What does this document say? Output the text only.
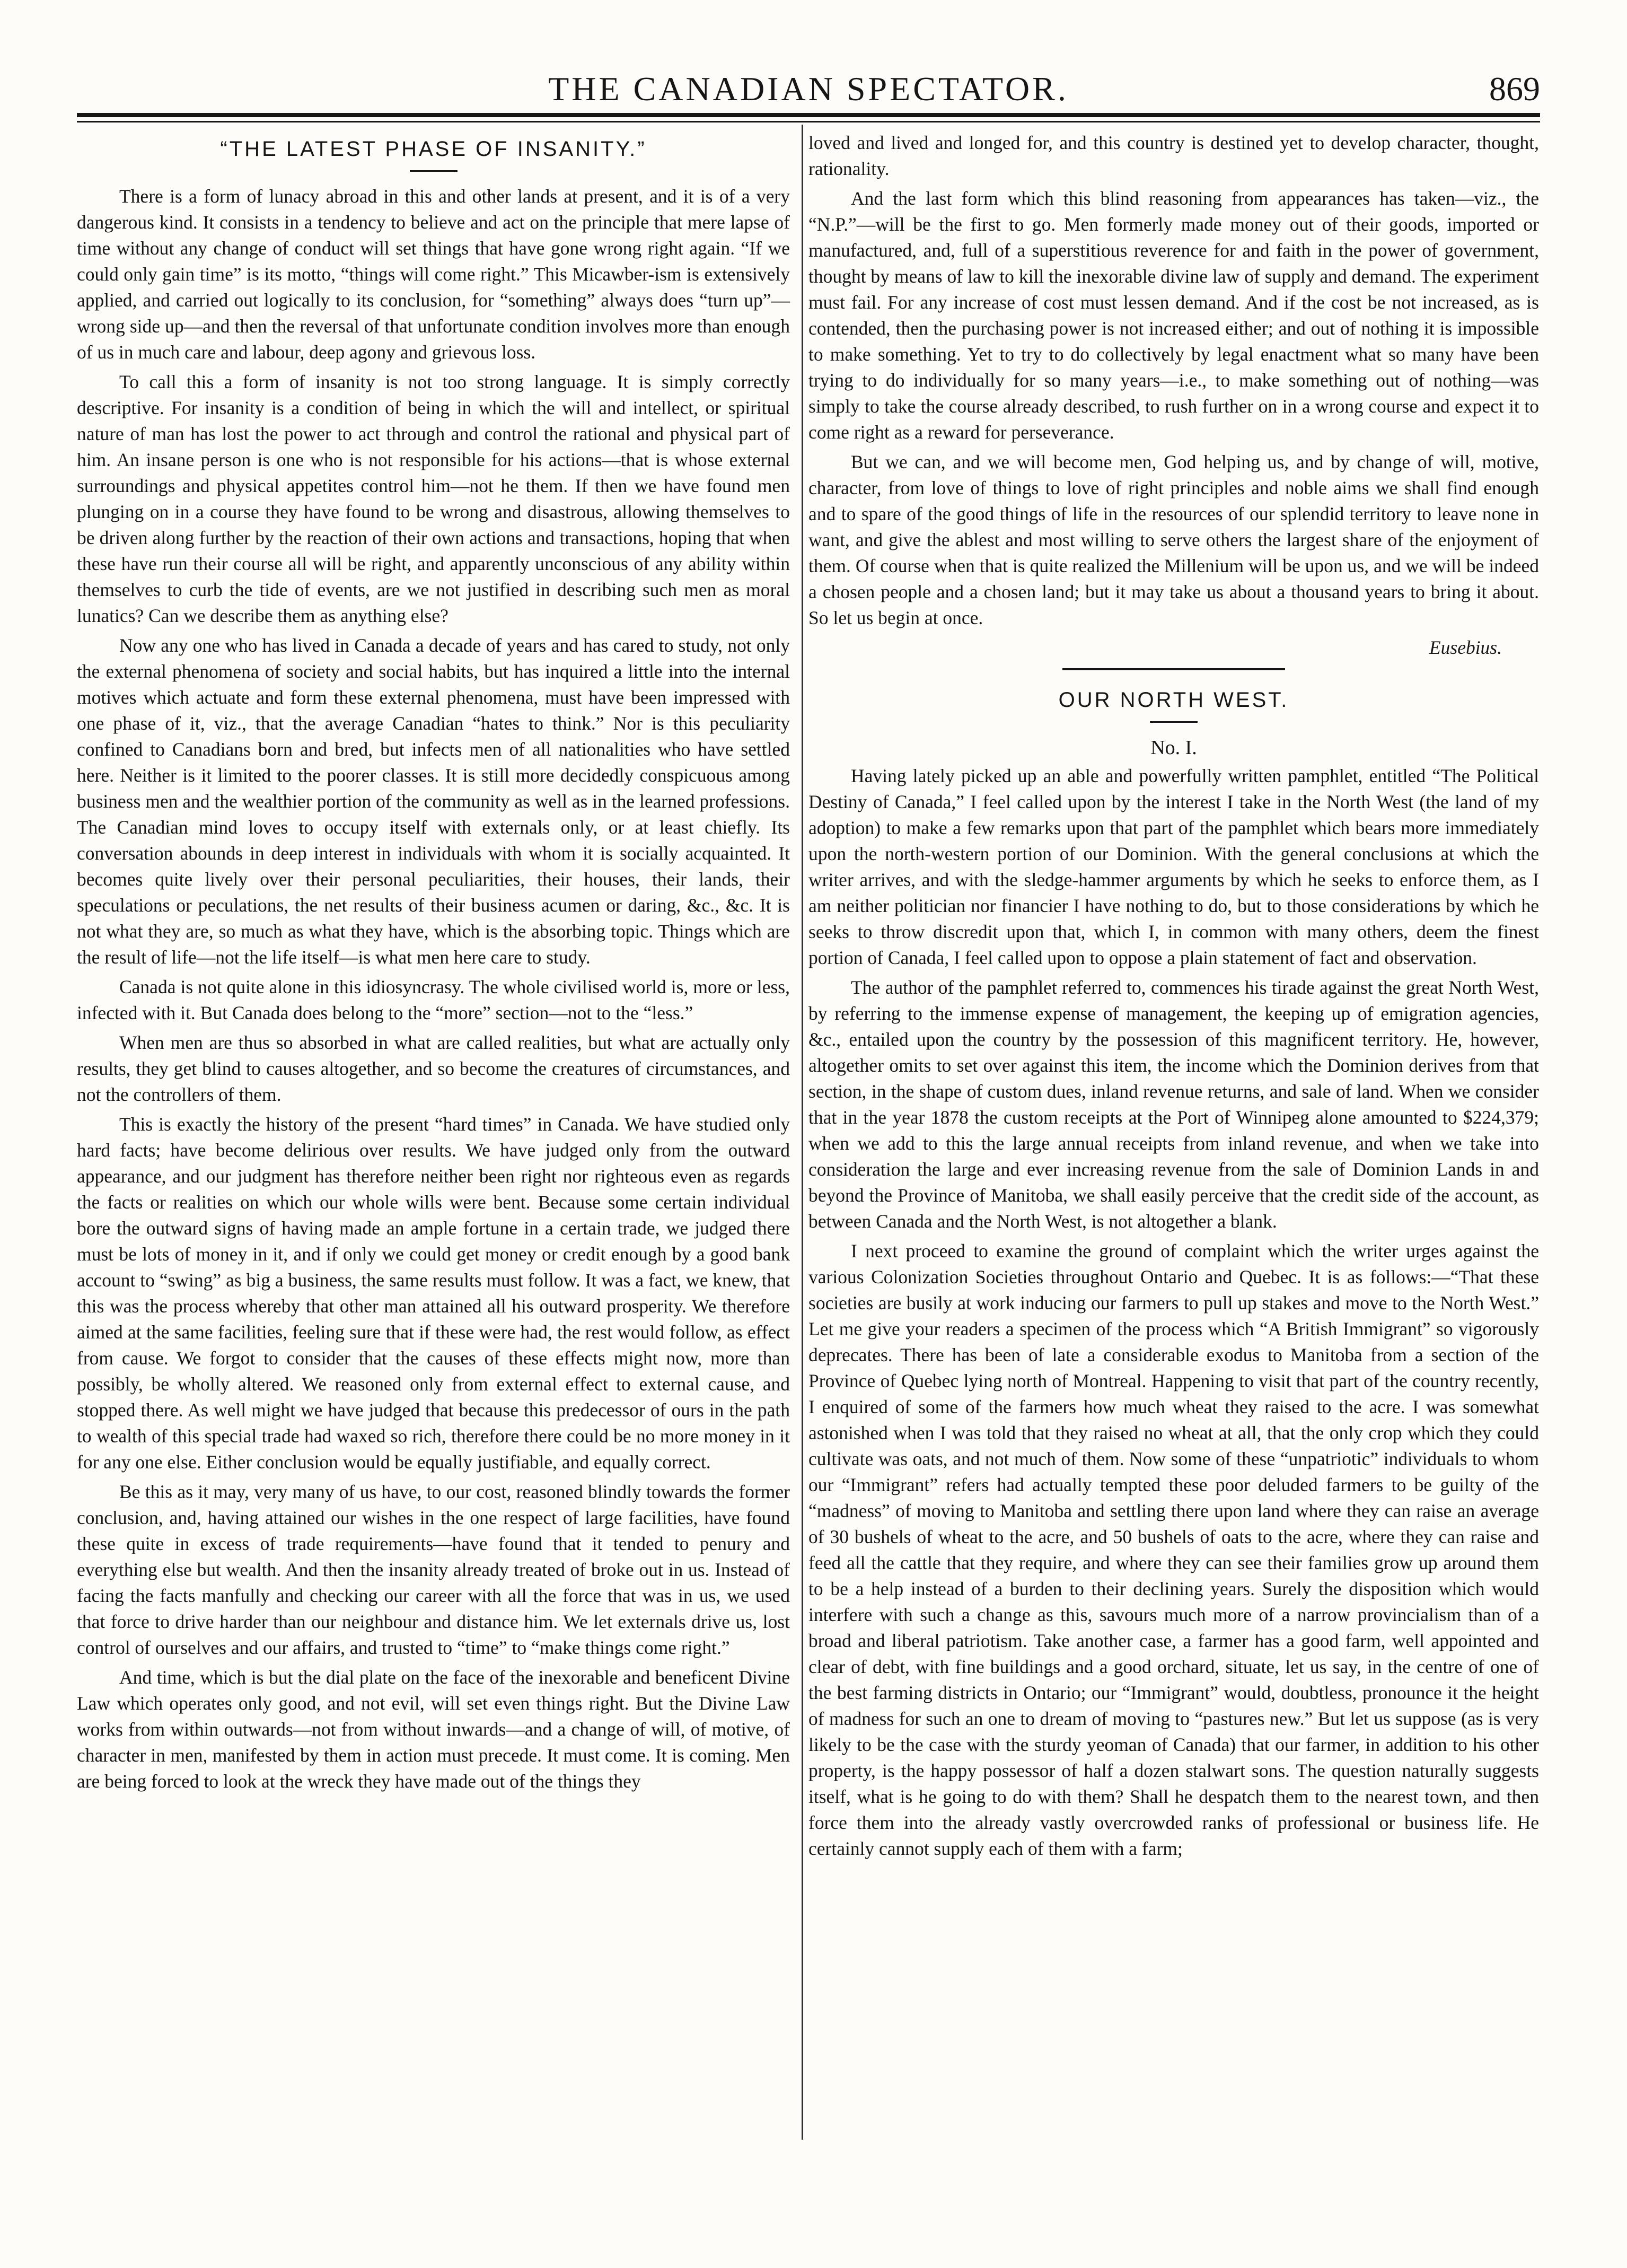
THE CANADIAN SPECTATOR.	869
“THE LATEST PHASE OF INSANITY.”

There is a form of lunacy abroad in this and other lands at present, and it is of a very dangerous kind. It consists in a tendency to believe and act on the principle that mere lapse of time without any change of conduct will set things that have gone wrong right again. “If we could only gain time” is its motto, “things will come right.” This Micawber-ism is extensively applied, and carried out logically to its conclusion, for “something” always does “turn up”—wrong side up—and then the reversal of that unfortunate condition involves more than enough of us in much care and labour, deep agony and grievous loss.

To call this a form of insanity is not too strong language. It is simply correctly descriptive. For insanity is a condition of being in which the will and intellect, or spiritual nature of man has lost the power to act through and control the rational and physical part of him. An insane person is one who is not responsible for his actions—that is whose external surroundings and physical appetites control him—not he them. If then we have found men plunging on in a course they have found to be wrong and disastrous, allowing themselves to be driven along further by the reaction of their own actions and transactions, hoping that when these have run their course all will be right, and apparently unconscious of any ability within themselves to curb the tide of events, are we not justified in describing such men as moral lunatics? Can we describe them as anything else?

Now any one who has lived in Canada a decade of years and has cared to study, not only the external phenomena of society and social habits, but has inquired a little into the internal motives which actuate and form these external phenomena, must have been impressed with one phase of it, viz., that the average Canadian “hates to think.” Nor is this peculiarity confined to Canadians born and bred, but infects men of all nationalities who have settled here. Neither is it limited to the poorer classes. It is still more decidedly conspicuous among business men and the wealthier portion of the community as well as in the learned professions. The Canadian mind loves to occupy itself with externals only, or at least chiefly. Its conversation abounds in deep interest in individuals with whom it is socially acquainted. It becomes quite lively over their personal peculiarities, their houses, their lands, their speculations or peculations, the net results of their business acumen or daring, &c., &c. It is not what they are, so much as what they have, which is the absorbing topic. Things which are the result of life—not the life itself—is what men here care to study.

Canada is not quite alone in this idiosyncrasy. The whole civilised world is, more or less, infected with it. But Canada does belong to the “more” section—not to the “less.”

When men are thus so absorbed in what are called realities, but what are actually only results, they get blind to causes altogether, and so become the creatures of circumstances, and not the controllers of them.

This is exactly the history of the present “hard times” in Canada. We have studied only hard facts; have become delirious over results. We have judged only from the outward appearance, and our judgment has therefore neither been right nor righteous even as regards the facts or realities on which our whole wills were bent. Because some certain individual bore the outward signs of having made an ample fortune in a certain trade, we judged there must be lots of money in it, and if only we could get money or credit enough by a good bank account to “swing” as big a business, the same results must follow. It was a fact, we knew, that this was the process whereby that other man attained all his outward prosperity. We therefore aimed at the same facilities, feeling sure that if these were had, the rest would follow, as effect from cause. We forgot to consider that the causes of these effects might now, more than possibly, be wholly altered. We reasoned only from external effect to external cause, and stopped there. As well might we have judged that because this predecessor of ours in the path to wealth of this special trade had waxed so rich, therefore there could be no more money in it for any one else. Either conclusion would be equally justifiable, and equally correct.

Be this as it may, very many of us have, to our cost, reasoned blindly towards the former conclusion, and, having attained our wishes in the one respect of large facilities, have found these quite in excess of trade requirements—have found that it tended to penury and everything else but wealth. And then the insanity already treated of broke out in us. Instead of facing the facts manfully and checking our career with all the force that was in us, we used that force to drive harder than our neighbour and distance him. We let externals drive us, lost control of ourselves and our affairs, and trusted to “time” to “make things come right.”

And time, which is but the dial plate on the face of the inexorable and beneficent Divine Law which operates only good, and not evil, will set even things right. But the Divine Law works from within outwards—not from without inwards—and a change of will, of motive, of character in men, manifested by them in action must precede. It must come. It is coming. Men are being forced to look at the wreck they have made out of the things they

loved and lived and longed for, and this country is destined yet to develop character, thought, rationality.

And the last form which this blind reasoning from appearances has taken—viz., the “N.P.”—will be the first to go. Men formerly made money out of their goods, imported or manufactured, and, full of a superstitious reverence for and faith in the power of government, thought by means of law to kill the inexorable divine law of supply and demand. The experiment must fail. For any increase of cost must lessen demand. And if the cost be not increased, as is contended, then the purchasing power is not increased either; and out of nothing it is impossible to make something. Yet to try to do collectively by legal enactment what so many have been trying to do individually for so many years—i.e., to make something out of nothing—was simply to take the course already described, to rush further on in a wrong course and expect it to come right as a reward for perseverance.

But we can, and we will become men, God helping us, and by change of will, motive, character, from love of things to love of right principles and noble aims we shall find enough and to spare of the good things of life in the resources of our splendid territory to leave none in want, and give the ablest and most willing to serve others the largest share of the enjoyment of them. Of course when that is quite realized the Millenium will be upon us, and we will be indeed a chosen people and a chosen land; but it may take us about a thousand years to bring it about. So let us begin at once.

Eusebius.
OUR NORTH WEST.
No. I.

Having lately picked up an able and powerfully written pamphlet, entitled “The Political Destiny of Canada,” I feel called upon by the interest I take in the North West (the land of my adoption) to make a few remarks upon that part of the pamphlet which bears more immediately upon the north-western portion of our Dominion. With the general conclusions at which the writer arrives, and with the sledge-hammer arguments by which he seeks to enforce them, as I am neither politician nor financier I have nothing to do, but to those considerations by which he seeks to throw discredit upon that, which I, in common with many others, deem the finest portion of Canada, I feel called upon to oppose a plain statement of fact and observation.

The author of the pamphlet referred to, commences his tirade against the great North West, by referring to the immense expense of management, the keeping up of emigration agencies, &c., entailed upon the country by the possession of this magnificent territory. He, however, altogether omits to set over against this item, the income which the Dominion derives from that section, in the shape of custom dues, inland revenue returns, and sale of land. When we consider that in the year 1878 the custom receipts at the Port of Winnipeg alone amounted to $224,379; when we add to this the large annual receipts from inland revenue, and when we take into consideration the large and ever increasing revenue from the sale of Dominion Lands in and beyond the Province of Manitoba, we shall easily perceive that the credit side of the account, as between Canada and the North West, is not altogether a blank.

I next proceed to examine the ground of complaint which the writer urges against the various Colonization Societies throughout Ontario and Quebec. It is as follows:—“That these societies are busily at work inducing our farmers to pull up stakes and move to the North West.” Let me give your readers a specimen of the process which “A British Immigrant” so vigorously deprecates. There has been of late a considerable exodus to Manitoba from a section of the Province of Quebec lying north of Montreal. Happening to visit that part of the country recently, I enquired of some of the farmers how much wheat they raised to the acre. I was somewhat astonished when I was told that they raised no wheat at all, that the only crop which they could cultivate was oats, and not much of them. Now some of these “unpatriotic” individuals to whom our “Immigrant” refers had actually tempted these poor deluded farmers to be guilty of the “madness” of moving to Manitoba and settling there upon land where they can raise an average of 30 bushels of wheat to the acre, and 50 bushels of oats to the acre, where they can raise and feed all the cattle that they require, and where they can see their families grow up around them to be a help instead of a burden to their declining years. Surely the disposition which would interfere with such a change as this, savours much more of a narrow provincialism than of a broad and liberal patriotism. Take another case, a farmer has a good farm, well appointed and clear of debt, with fine buildings and a good orchard, situate, let us say, in the centre of one of the best farming districts in Ontario; our “Immigrant” would, doubtless, pronounce it the height of madness for such an one to dream of moving to “pastures new.” But let us suppose (as is very likely to be the case with the sturdy yeoman of Canada) that our farmer, in addition to his other property, is the happy possessor of half a dozen stalwart sons. The question naturally suggests itself, what is he going to do with them? Shall he despatch them to the nearest town, and then force them into the already vastly overcrowded ranks of professional or business life. He certainly cannot supply each of them with a farm;
